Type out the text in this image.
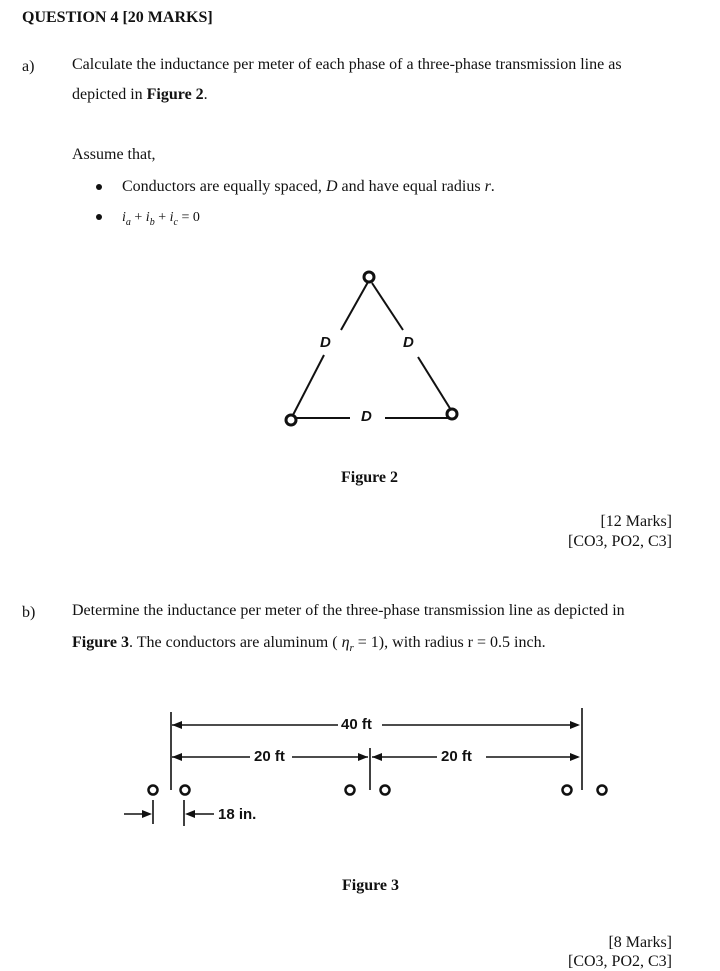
QUESTION 4 [20 MARKS]
a) Calculate the inductance per meter of each phase of a three-phase transmission line as
depicted in Figure 2.
Assume that,
Conductors are equally spaced, D and have equal radius r.
$i_a + i_b + i_c = 0$
D	D
D
Figure 2
[12 Marks]
[CO3, PO2, C3]
b) Determine the inductance per meter of the three-phase transmission line as depicted in
Figure 3. The conductors are aluminum ( $\eta_r = 1$), with radius r = 0.5 inch.
40 ft
20 ft	20 ft
18 in.
Figure 3
[8 Marks]
[CO3, PO2, C3]
